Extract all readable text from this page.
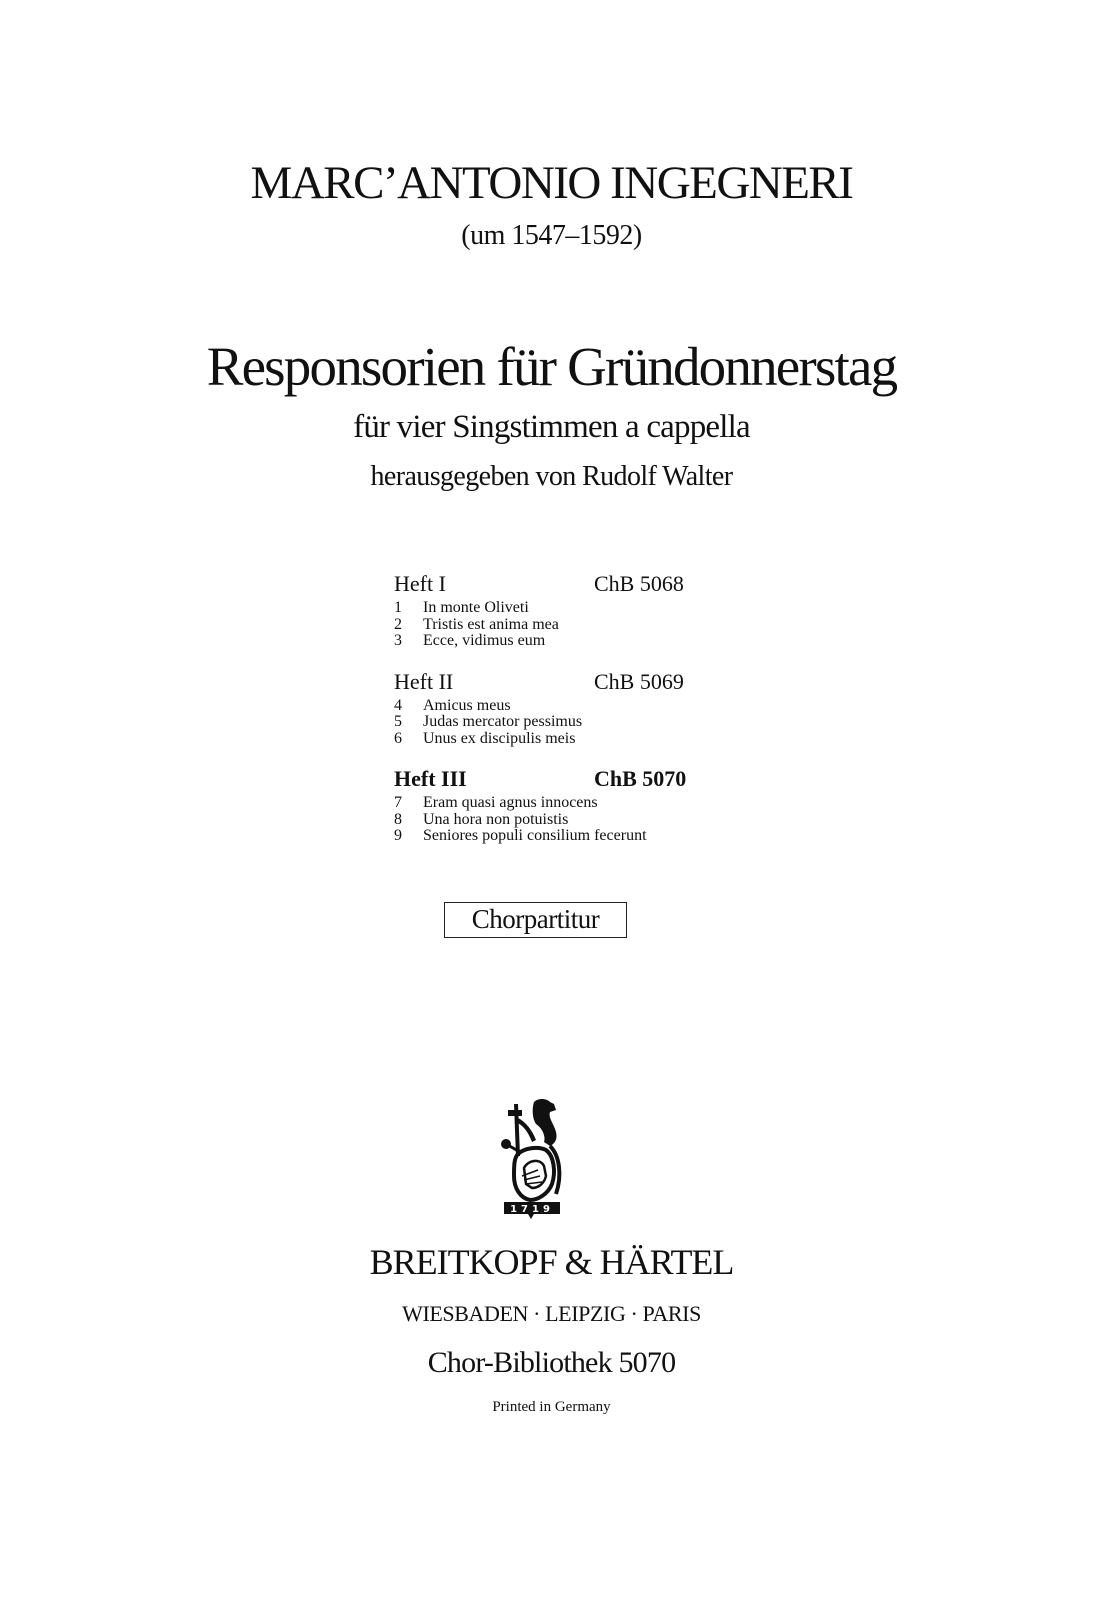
MARC’ANTONIO INGEGNERI
(um 1547–1592)
Responsorien für Gründonnerstag
für vier Singstimmen a cappella
herausgegeben von Rudolf Walter
Heft I	ChB 5068
1 In monte Oliveti
2 Tristis est anima mea
3 Ecce, vidimus eum
Heft II	ChB 5069
4 Amicus meus
5 Judas mercator pessimus
6 Unus ex discipulis meis
Heft III	ChB 5070
7 Eram quasi agnus innocens
8 Una hora non potuistis
9 Seniores populi consilium fecerunt
Chorpartitur
1719
BREITKOPF & HÄRTEL
WIESBADEN · LEIPZIG · PARIS
Chor-Bibliothek 5070
Printed in Germany
